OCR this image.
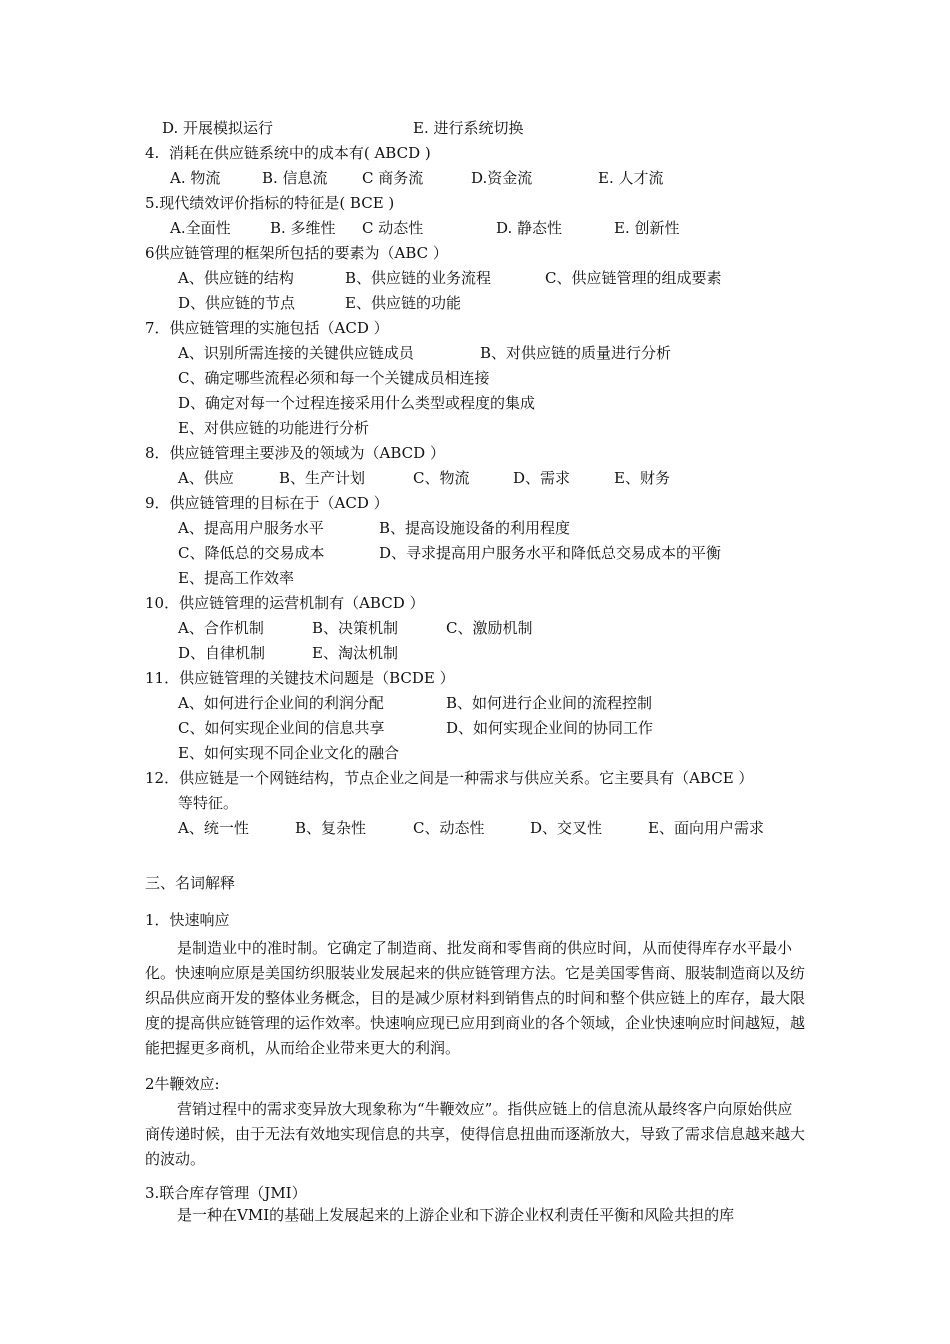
D. 开展模拟运行

	E. 进行系统切换

4.  消耗在供应链系统中的成本有( ABCD )

A. 物流

	B. 信息流

C 商务流

	D.资金流

	E. 人才流

5.现代绩效评价指标的特征是( BCE )

A.全面性

	B. 多维性

C 动态性

	D. 静态性

	E. 创新性

6供应链管理的框架所包括的要素为（ABC ）

A、供应链的结构

	B、供应链的业务流程

	C、供应链管理的组成要素

D、供应链的节点

	E、供应链的功能

7．供应链管理的实施包括（ACD ）

A、识别所需连接的关键供应链成员

	B、对供应链的质量进行分析

C、确定哪些流程必须和每一个关键成员相连接
D、确定对每一个过程连接采用什么类型或程度的集成
E、对供应链的功能进行分析
8．供应链管理主要涉及的领域为（ABCD ）

A、供应

	B、生产计划

	C、物流

	D、需求

	E、财务

9．供应链管理的目标在于（ACD ）

A、提高用户服务水平

	B、提高设施设备的利用程度

C、降低总的交易成本

	D、寻求提高用户服务水平和降低总交易成本的平衡

E、提高工作效率
10．供应链管理的运营机制有（ABCD ）

A、合作机制

	B、决策机制

	C、激励机制

D、自律机制

	E、淘汰机制

11．供应链管理的关键技术问题是（BCDE ）

A、如何进行企业间的利润分配

	B、如何进行企业间的流程控制

C、如何实现企业间的信息共享

	D、如何实现企业间的协同工作

E、如何实现不同企业文化的融合
12．供应链是一个网链结构，节点企业之间是一种需求与供应关系。它主要具有（ABCE ）
等特征。

A、统一性

	B、复杂性

	C、动态性

	D、交叉性

	E、面向用户需求

三、名词解释
1．快速响应
是制造业中的准时制。它确定了制造商、批发商和零售商的供应时间，从而使得库存水平最小化。快速响应原是美国纺织服装业发展起来的供应链管理方法。它是美国零售商、服装制造商以及纺织品供应商开发的整体业务概念，目的是减少原材料到销售点的时间和整个供应链上的库存，最大限度的提高供应链管理的运作效率。快速响应现已应用到商业的各个领域，企业快速响应时间越短，越能把握更多商机，从而给企业带来更大的利润。
2牛鞭效应:
营销过程中的需求变异放大现象称为“牛鞭效应”。指供应链上的信息流从最终客户向原始供应商传递时候，由于无法有效地实现信息的共享，使得信息扭曲而逐渐放大，导致了需求信息越来越大的波动。
3.联合库存管理（JMI）
是一种在VMI的基础上发展起来的上游企业和下游企业权利责任平衡和风险共担的库
